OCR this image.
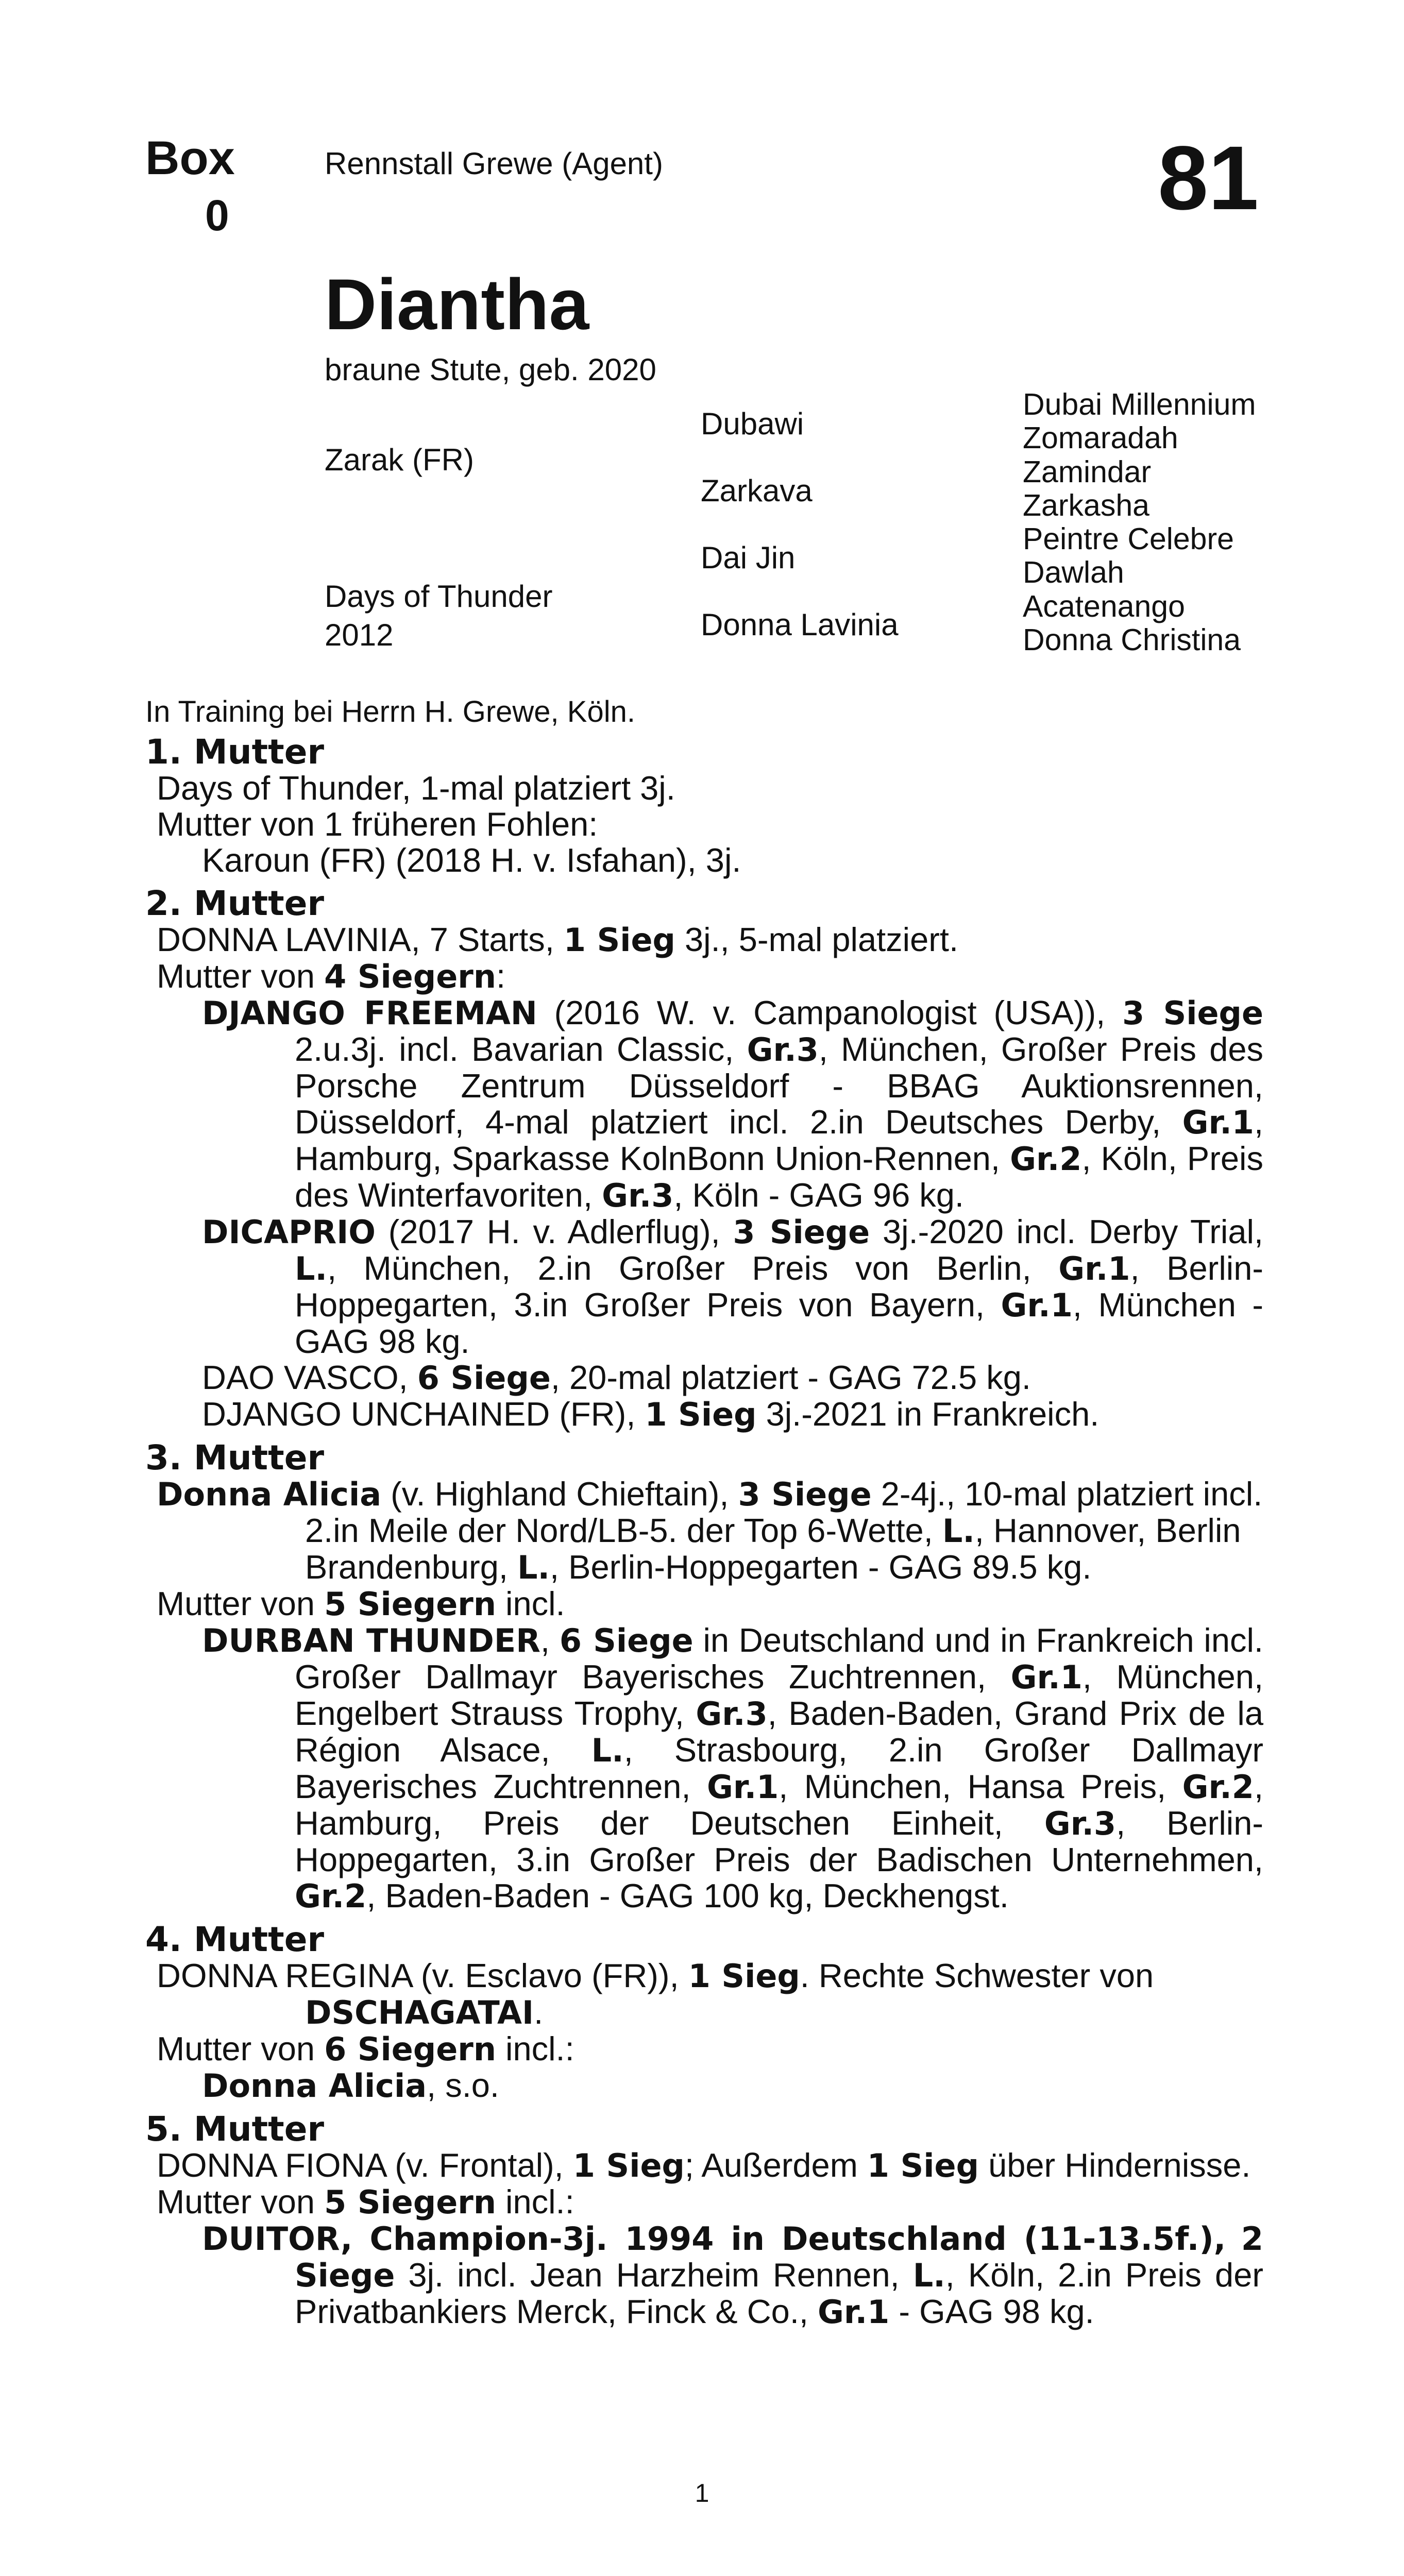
Box
0
Rennstall Grewe (Agent)	81
Diantha
braune Stute, geb. 2020
Zarak (FR)
Days of Thunder
2012
Dubawi
Zarkava
Dai Jin
Donna Lavinia
Dubai Millennium
Zomaradah
Zamindar
Zarkasha
Peintre Celebre
Dawlah
Acatenango
Donna Christina
In Training bei Herrn H. Grewe, Köln.
1. Mutter
Days of Thunder, 1-mal platziert 3j.
Mutter von 1 früheren Fohlen:
Karoun (FR) (2018 H. v. Isfahan), 3j.
2. Mutter
DONNA LAVINIA, 7 Starts, 1 Sieg 3j., 5-mal platziert.
Mutter von 4 Siegern:
DJANGO FREEMAN (2016 W. v. Campanologist (USA)), 3 Siege 2.u.3j. incl. Bavarian Classic, Gr.3, München, Großer Preis des Porsche Zentrum Düsseldorf - BBAG Auktionsrennen, Düsseldorf, 4-mal platziert incl. 2.in Deutsches Derby, Gr.1, Hamburg, Sparkasse KolnBonn Union-Rennen, Gr.2, Köln, Preis des Winterfavoriten, Gr.3, Köln - GAG 96 kg.
DICAPRIO (2017 H. v. Adlerflug), 3 Siege 3j.-2020 incl. Derby Trial, L., München, 2.in Großer Preis von Berlin, Gr.1, Berlin-Hoppegarten, 3.in Großer Preis von Bayern, Gr.1, München - GAG 98 kg.
DAO VASCO, 6 Siege, 20-mal platziert - GAG 72.5 kg.
DJANGO UNCHAINED (FR), 1 Sieg 3j.-2021 in Frankreich.
3. Mutter
Donna Alicia (v. Highland Chieftain), 3 Siege 2-4j., 10-mal platziert incl. 2.in Meile der Nord/LB-5. der Top 6-Wette, L., Hannover, Berlin Brandenburg, L., Berlin-Hoppegarten - GAG 89.5 kg.
Mutter von 5 Siegern incl.
DURBAN THUNDER, 6 Siege in Deutschland und in Frankreich incl. Großer Dallmayr Bayerisches Zuchtrennen, Gr.1, München, Engelbert Strauss Trophy, Gr.3, Baden-Baden, Grand Prix de la Région Alsace, L., Strasbourg, 2.in Großer Dallmayr Bayerisches Zuchtrennen, Gr.1, München, Hansa Preis, Gr.2, Hamburg, Preis der Deutschen Einheit, Gr.3, Berlin-Hoppegarten, 3.in Großer Preis der Badischen Unternehmen, Gr.2, Baden-Baden - GAG 100 kg, Deckhengst.
4. Mutter
DONNA REGINA (v. Esclavo (FR)), 1 Sieg. Rechte Schwester von DSCHAGATAI.
Mutter von 6 Siegern incl.:
Donna Alicia, s.o.
5. Mutter
DONNA FIONA (v. Frontal), 1 Sieg; Außerdem 1 Sieg über Hindernisse.
Mutter von 5 Siegern incl.:
DUITOR, Champion-3j. 1994 in Deutschland (11-13.5f.), 2 Siege 3j. incl. Jean Harzheim Rennen, L., Köln, 2.in Preis der Privatbankiers Merck, Finck & Co., Gr.1 - GAG 98 kg.
1
